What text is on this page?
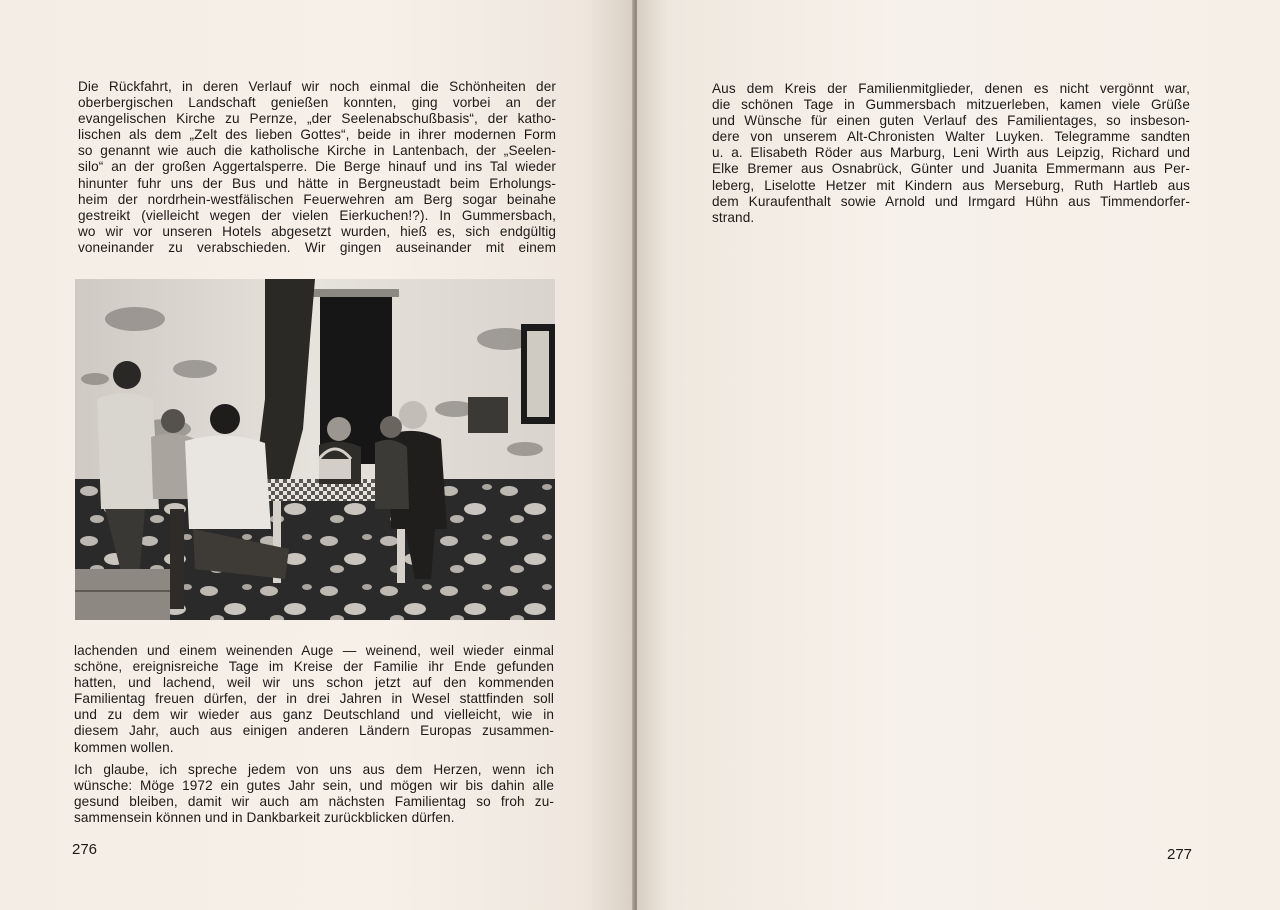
Die Rückfahrt, in deren Verlauf wir noch einmal die Schönheiten der
oberbergischen Landschaft genießen konnten, ging vorbei an der
evangelischen Kirche zu Pernze, „der Seelenabschußbasis“, der katho-
lischen als dem „Zelt des lieben Gottes“, beide in ihrer modernen Form
so genannt wie auch die katholische Kirche in Lantenbach, der „Seelen-
silo“ an der großen Aggertalsperre. Die Berge hinauf und ins Tal wieder
hinunter fuhr uns der Bus und hätte in Bergneustadt beim Erholungs-
heim der nordrhein-westfälischen Feuerwehren am Berg sogar beinahe
gestreikt (vielleicht wegen der vielen Eierkuchen!?). In Gummersbach,
wo wir vor unseren Hotels abgesetzt wurden, hieß es, sich endgültig
voneinander zu verabschieden. Wir gingen auseinander mit einem
lachenden und einem weinenden Auge — weinend, weil wieder einmal
schöne, ereignisreiche Tage im Kreise der Familie ihr Ende gefunden
hatten, und lachend, weil wir uns schon jetzt auf den kommenden
Familientag freuen dürfen, der in drei Jahren in Wesel stattfinden soll
und zu dem wir wieder aus ganz Deutschland und vielleicht, wie in
diesem Jahr, auch aus einigen anderen Ländern Europas zusammen-
kommen wollen.
Ich glaube, ich spreche jedem von uns aus dem Herzen, wenn ich
wünsche: Möge 1972 ein gutes Jahr sein, und mögen wir bis dahin alle
gesund bleiben, damit wir auch am nächsten Familientag so froh zu-
sammensein können und in Dankbarkeit zurückblicken dürfen.
276
Aus dem Kreis der Familienmitglieder, denen es nicht vergönnt war,
die schönen Tage in Gummersbach mitzuerleben, kamen viele Grüße
und Wünsche für einen guten Verlauf des Familientages, so insbeson-
dere von unserem Alt-Chronisten Walter Luyken. Telegramme sandten
u. a. Elisabeth Röder aus Marburg, Leni Wirth aus Leipzig, Richard und
Elke Bremer aus Osnabrück, Günter und Juanita Emmermann aus Per-
leberg, Liselotte Hetzer mit Kindern aus Merseburg, Ruth Hartleb aus
dem Kuraufenthalt sowie Arnold und Irmgard Hühn aus Timmendorfer-
strand.
277
